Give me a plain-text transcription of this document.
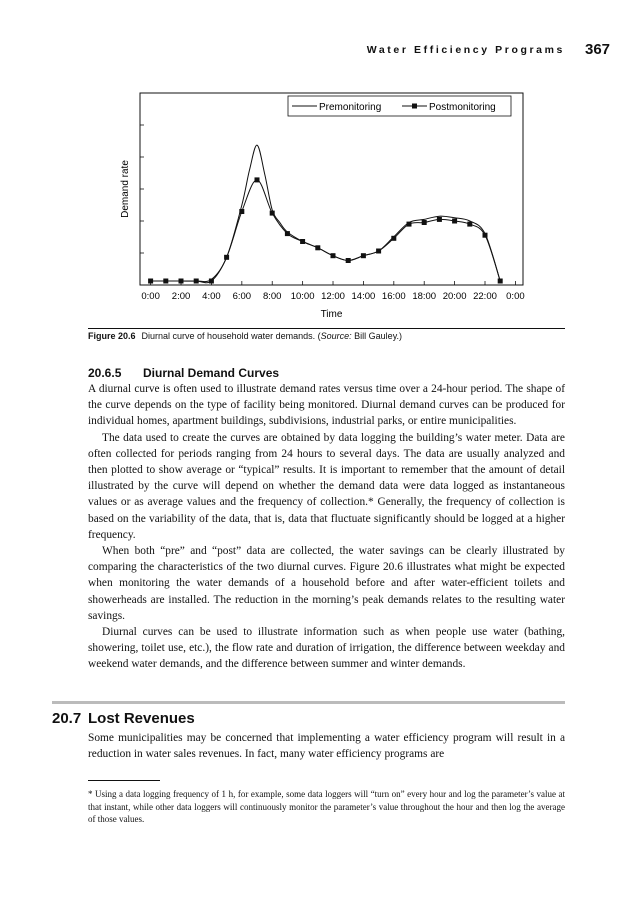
Water Efficiency Programs 367
0:00 2:00 4:00 6:00 8:00 10:00 12:00 14:00 16:00 18:00 20:00 22:00 0:00
Premonitoring	Postmonitoring
Demand rate
Time
Figure 20.6 Diurnal curve of household water demands. (Source: Bill Gauley.)
20.6.5 Diurnal Demand Curves

A diurnal curve is often used to illustrate demand rates versus time over a 24-hour period. The shape of the curve depends on the type of facility being monitored. Diurnal demand curves can be produced for individual homes, apartment buildings, subdivisions, industrial parks, or entire municipalities.

The data used to create the curves are obtained by data logging the building’s water meter. Data are often collected for periods ranging from 24 hours to several days. The data are usually analyzed and then plotted to show average or “typical” results. It is important to remember that the amount of detail illustrated by the curve will depend on whether the demand data were data logged as instantaneous values or as average values and the frequency of collection.* Generally, the frequency of collection is based on the variability of the data, that is, data that fluctuate significantly should be logged at a higher frequency.

When both “pre” and “post” data are collected, the water savings can be clearly illustrated by comparing the characteristics of the two diurnal curves. Figure 20.6 illustrates what might be expected when monitoring the water demands of a household before and after water-efficient toilets and showerheads are installed. The reduction in the morning’s peak demands relates to the resulting water savings.

Diurnal curves can be used to illustrate information such as when people use water (bathing, showering, toilet use, etc.), the flow rate and duration of irrigation, the difference between weekday and weekend water demands, and the difference between summer and winter demands.

20.7 Lost Revenues

Some municipalities may be concerned that implementing a water efficiency program will result in a reduction in water sales revenues. In fact, many water efficiency programs are

* Using a data logging frequency of 1 h, for example, some data loggers will “turn on” every hour and log the parameter’s value at that instant, while other data loggers will continuously monitor the parameter’s value throughout the hour and then log the average of those values.
